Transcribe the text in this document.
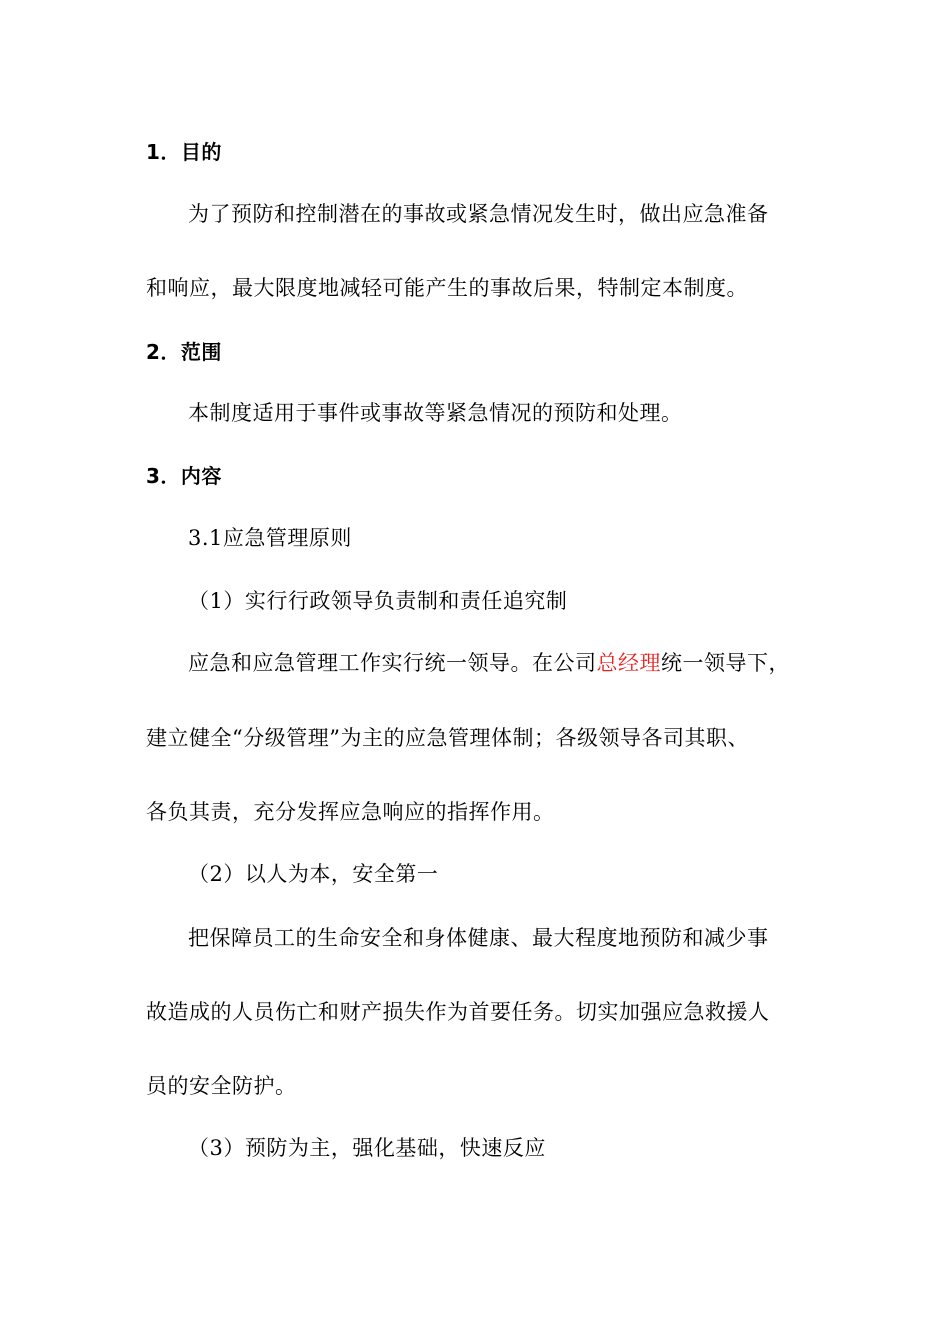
1．目的
为了预防和控制潜在的事故或紧急情况发生时，做出应急准备
和响应，最大限度地减轻可能产生的事故后果，特制定本制度。
2．范围
本制度适用于事件或事故等紧急情况的预防和处理。
3．内容
3.1应急管理原则
（1）实行行政领导负责制和责任追究制
应急和应急管理工作实行统一领导。在公司总经理统一领导下，
建立健全“分级管理”为主的应急管理体制；各级领导各司其职、
各负其责，充分发挥应急响应的指挥作用。
（2）以人为本，安全第一
把保障员工的生命安全和身体健康、最大程度地预防和减少事
故造成的人员伤亡和财产损失作为首要任务。切实加强应急救援人
员的安全防护。
（3）预防为主，强化基础，快速反应
